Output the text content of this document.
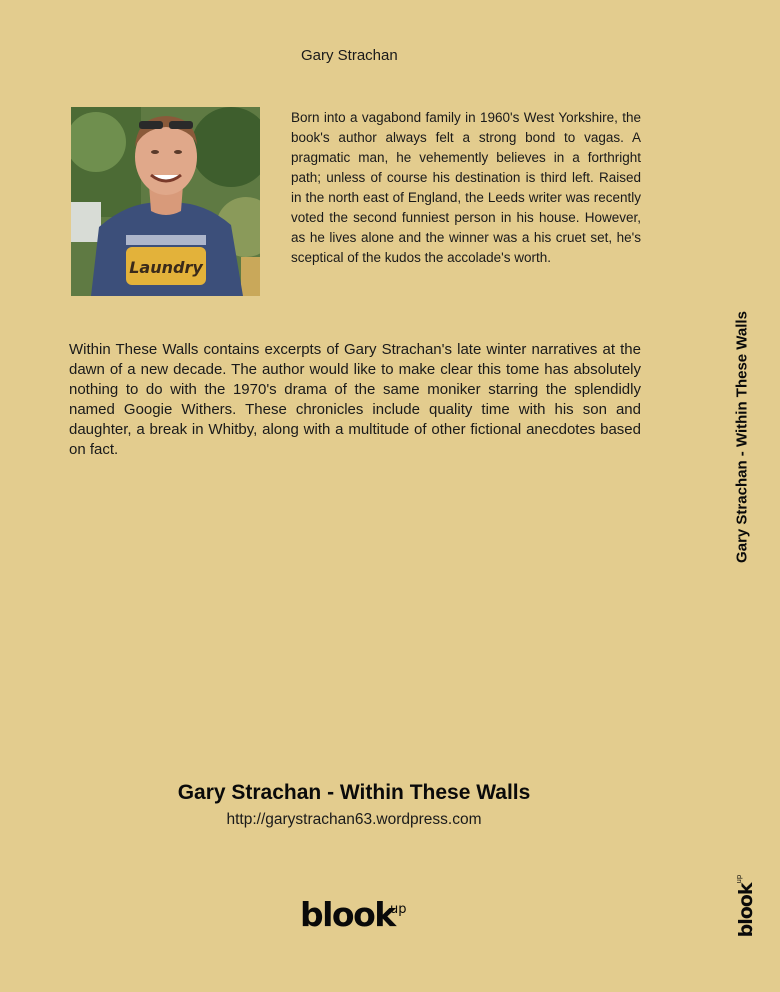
Gary Strachan
Laundry

Born into a vagabond family in 1960's West Yorkshire, the book's author always felt a strong bond to vagas. A pragmatic man, he vehemently believes in a forthright path; unless of course his destination is third left. Raised in the north east of England, the Leeds writer was recently voted the second funniest person in his house. However, as he lives alone and the winner was a his cruet set, he's sceptical of the kudos the accolade's worth.

Within These Walls contains excerpts of Gary Strachan's late winter narratives at the dawn of a new decade. The author would like to make clear this tome has absolutely nothing to do with the 1970's drama of the same moniker starring the splendidly named Googie Withers. These chronicles include quality time with his son and daughter, a break in Whitby, along with a multitude of other fictional anecdotes based on fact.

Gary Strachan - Within These Walls
http://garystrachan63.wordpress.com
blook
up
Gary Strachan - Within These Walls
blook$^{up}$
